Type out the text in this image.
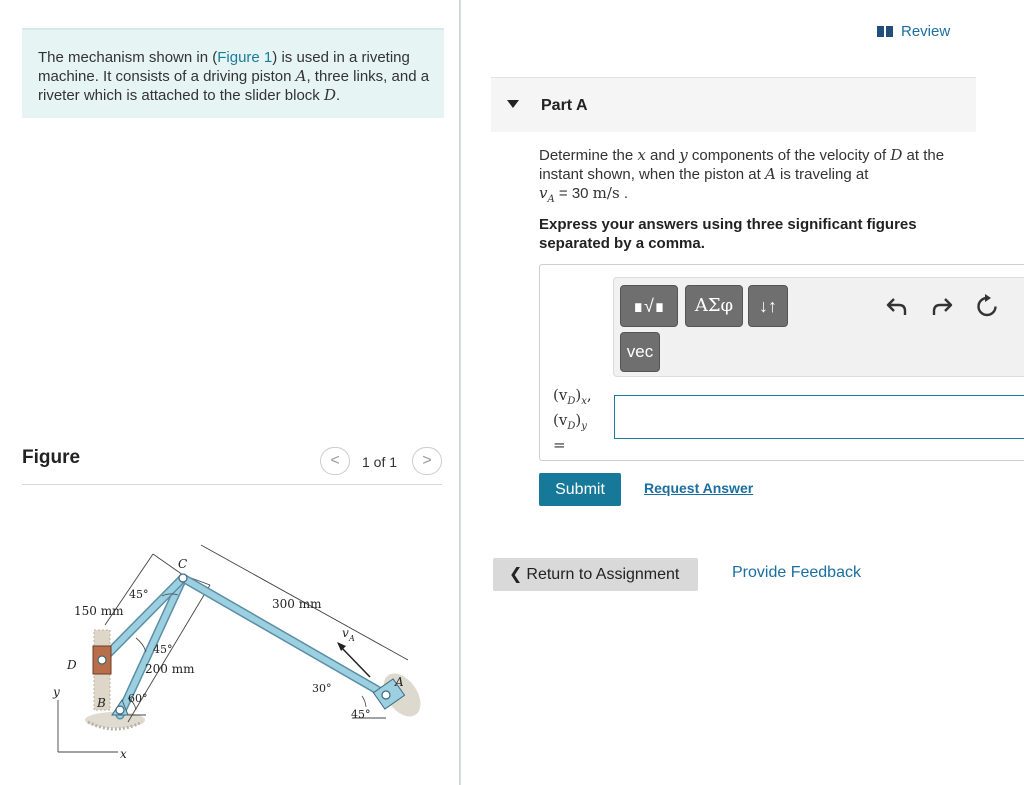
The mechanism shown in (Figure 1) is used in a riveting machine. It consists of a driving piston A, three links, and a riveter which is attached to the slider block D.
Figure	<	1 of 1	>
150 mm	300 mm
200 mm
45°
45°
60°
30°
45°
C
D
B
A
v A
y
x
Review
Part A
Determine the x and y components of the velocity of D at the instant shown, when the piston at A is traveling at
$v_A = 30$ m/s .
Express your answers using three significant figures separated by a comma.
∎√∎	ΑΣφ	↓↑
vec
$(v_D)_x$,
$(v_D)_y$
=
Submit	Request Answer
❮ Return to Assignment	Provide Feedback
